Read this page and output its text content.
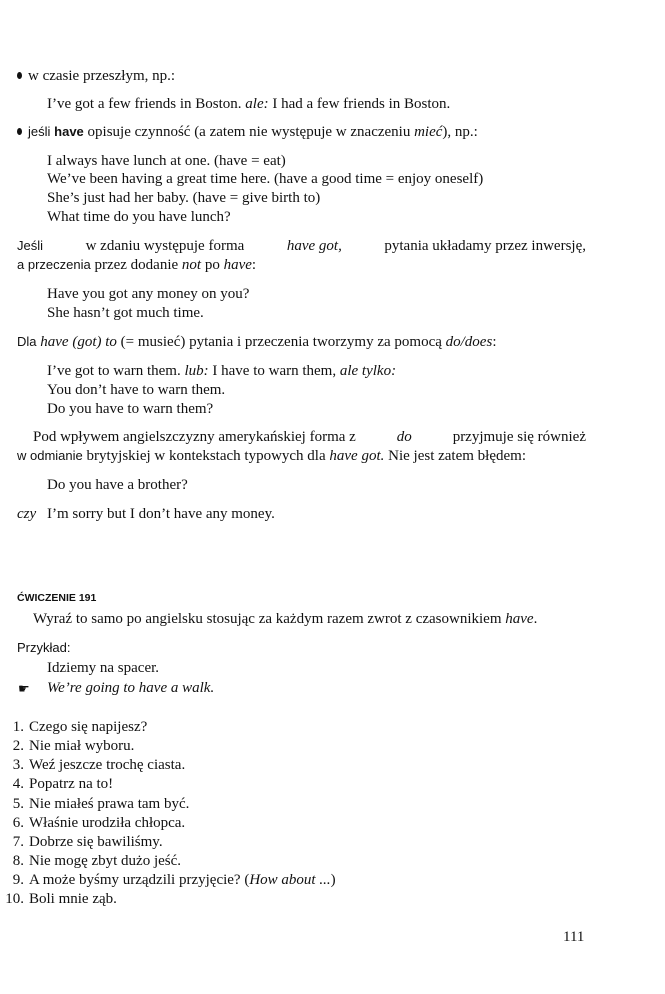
w czasie przeszłym, np.:
I’ve got a few friends in Boston. ale: I had a few friends in Boston.
jeśli have opisuje czynność (a zatem nie występuje w znaczeniu mieć), np.:
I always have lunch at one. (have = eat)
We’ve been having a great time here. (have a good time = enjoy oneself)
She’s just had her baby. (have = give birth to)
What time do you have lunch?
Jeśli	w zdaniu występuje forma	have got,	pytania układamy przez inwersję,
a przeczenia przez dodanie not po have:
Have you got any money on you?
She hasn’t got much time.
Dla have (got) to (= musieć) pytania i przeczenia tworzymy za pomocą do/does:
I’ve got to warn them. lub: I have to warn them, ale tylko:
You don’t have to warn them.
Do you have to warn them?
Pod wpływem angielszczyzny amerykańskiej forma z	do	przyjmuje się również
w odmianie brytyjskiej w kontekstach typowych dla have got. Nie jest zatem błędem:
Do you have a brother?
czy I’m sorry but I don’t have any money.
ĆWICZENIE 191
Wyraź to samo po angielsku stosując za każdym razem zwrot z czasownikiem have.
Przykład:
Idziemy na spacer.
☛ We’re going to have a walk.
1. Czego się napijesz?
2. Nie miał wyboru.
3. Weź jeszcze trochę ciasta.
4. Popatrz na to!
5. Nie miałeś prawa tam być.
6. Właśnie urodziła chłopca.
7. Dobrze się bawiliśmy.
8. Nie mogę zbyt dużo jeść.
9. A może byśmy urządzili przyjęcie? (How about ...)
10. Boli mnie ząb.
111
